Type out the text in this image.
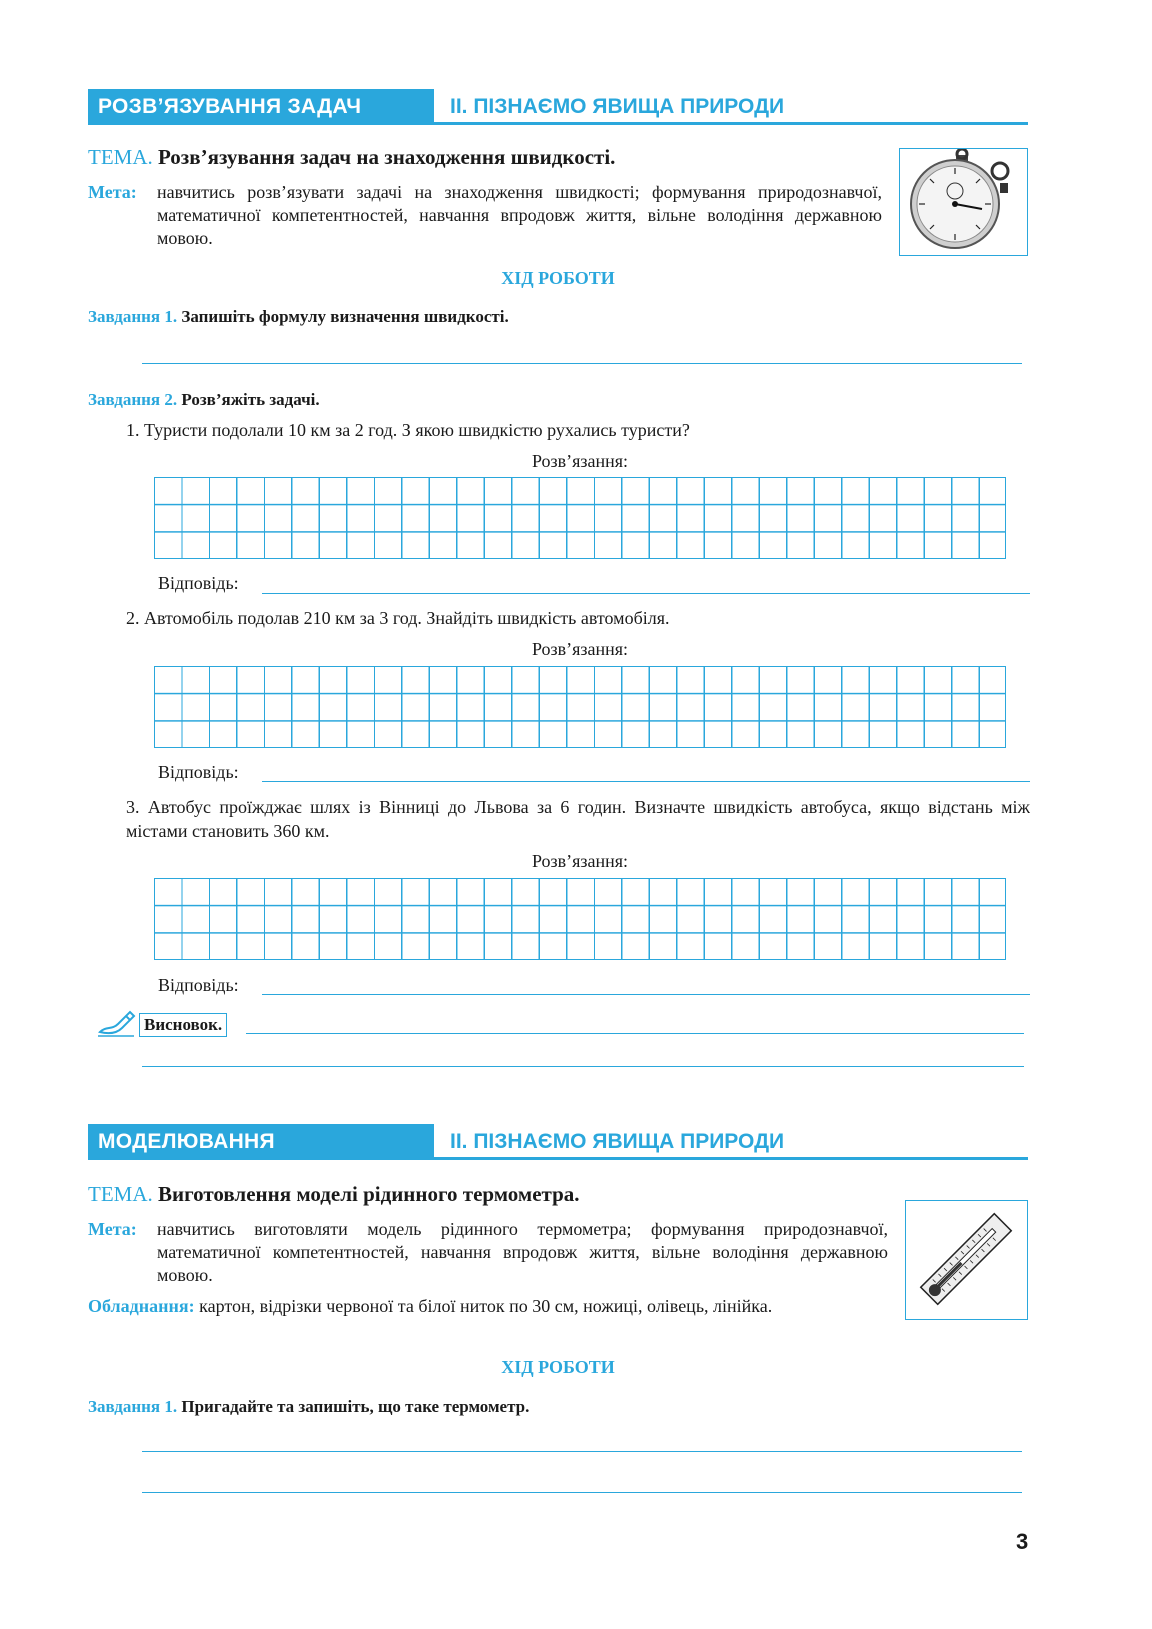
РОЗВ’ЯЗУВАННЯ ЗАДАЧ	ІІ. ПІЗНАЄМО ЯВИЩА ПРИРОДИ
ТЕМА. Розв’язування задач на знаходження швидкості.
Мета: навчитись розв’язувати задачі на знаходження швидкості; формування природознавчої, математичної компетентностей, навчання впродовж життя, вільне володіння державною мовою.
ХІД РОБОТИ
Завдання 1. Запишіть формулу визначення швидкості.
Завдання 2. Розв’яжіть задачі.
1. Туристи подолали 10 км за 2 год. З якою швидкістю рухались туристи?
Розв’язання:
Відповідь:
2. Автомобіль подолав 210 км за 3 год. Знайдіть швидкість автомобіля.
Розв’язання:
Відповідь:
3. Автобус проїжджає шлях із Вінниці до Львова за 6 годин. Визначте швидкість автобуса, якщо відстань між містами становить 360 км.
Розв’язання:
Відповідь:
Висновок.
МОДЕЛЮВАННЯ	ІІ. ПІЗНАЄМО ЯВИЩА ПРИРОДИ
ТЕМА. Виготовлення моделі рідинного термометра.
Мета: навчитись виготовляти модель рідинного термометра; формування природознавчої, математичної компетентностей, навчання впродовж життя, вільне володіння державною мовою.
Обладнання: картон, відрізки червоної та білої ниток по 30 см, ножиці, олівець, лінійка.
ХІД РОБОТИ
Завдання 1. Пригадайте та запишіть, що таке термометр.
3
